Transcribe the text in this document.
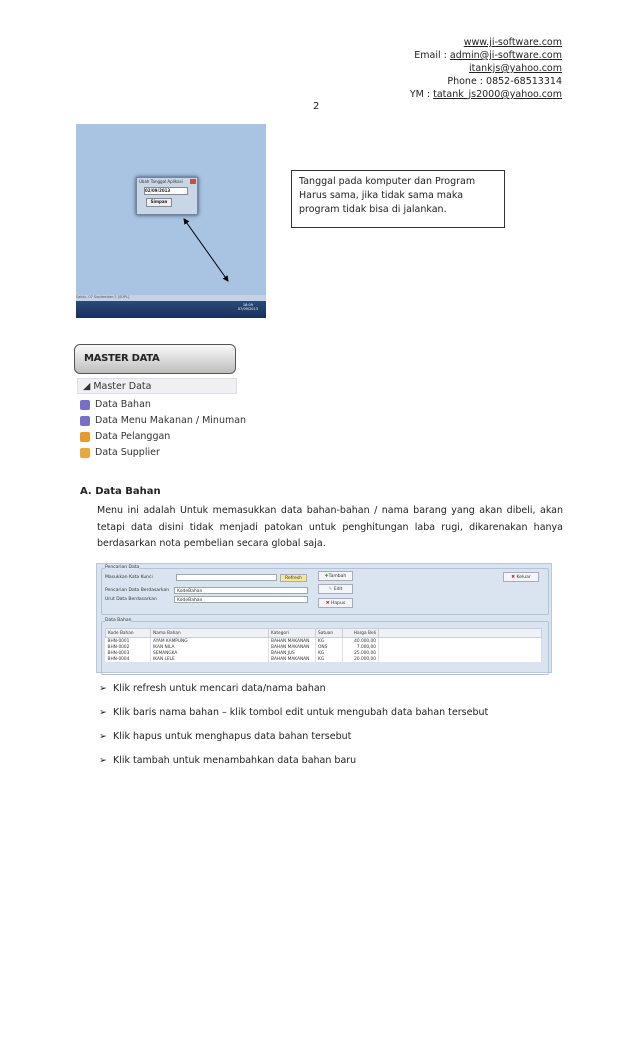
www.ji-software.com
Email : admin@ji-software.com
itankjs@yahoo.com
Phone : 0852-68513314
YM : tatank_js2000@yahoo.com
2
Ubah Tanggal Aplikasi
02/09/2013
Simpan
Sabtu, 07 September 2 [SUPL]
18:09
07/09/2013
Tanggal pada komputer dan Program Harus sama, jika tidak sama maka program tidak bisa di jalankan.
MASTER DATA
◢ Master Data
Data Bahan
Data Menu Makanan / Minuman
Data Pelanggan
Data Supplier
A. Data Bahan
Menu ini adalah Untuk memasukkan data bahan-bahan / nama barang yang akan dibeli, akan tetapi data disini tidak menjadi patokan untuk penghitungan laba rugi, dikarenakan hanya berdasarkan nota pembelian secara global saja.
Pencarian Data
Masukkan Kata Kunci	Refresh
Pencarian Data Berdasarkan	KodeBahan
Urut Data Berdasarkan	KodeBahan
✚Tambah
✎ Edit
✖ Hapus
✖ Keluar
Data Bahan
Kode Bahan	Nama Bahan	Kategori	Satuan	Harga Beli	
BHN-0001	AYAM KAMPUNG	BAHAN MAKANAN	KG	40.000,00	
BHN-0002	IKAN NILA	BAHAN MAKANAN	ONS	7.000,00	
BHN-0003	SEMANGKA	BAHAN JUS	KG	25.000,00	
BHN-0004	IKAN LELE	BAHAN MAKANAN	KG	20.000,00	
➢ Klik refresh untuk mencari data/nama bahan
➢ Klik baris nama bahan – klik tombol edit untuk mengubah data bahan tersebut
➢ Klik hapus untuk menghapus data bahan tersebut
➢ Klik tambah untuk menambahkan data bahan baru
